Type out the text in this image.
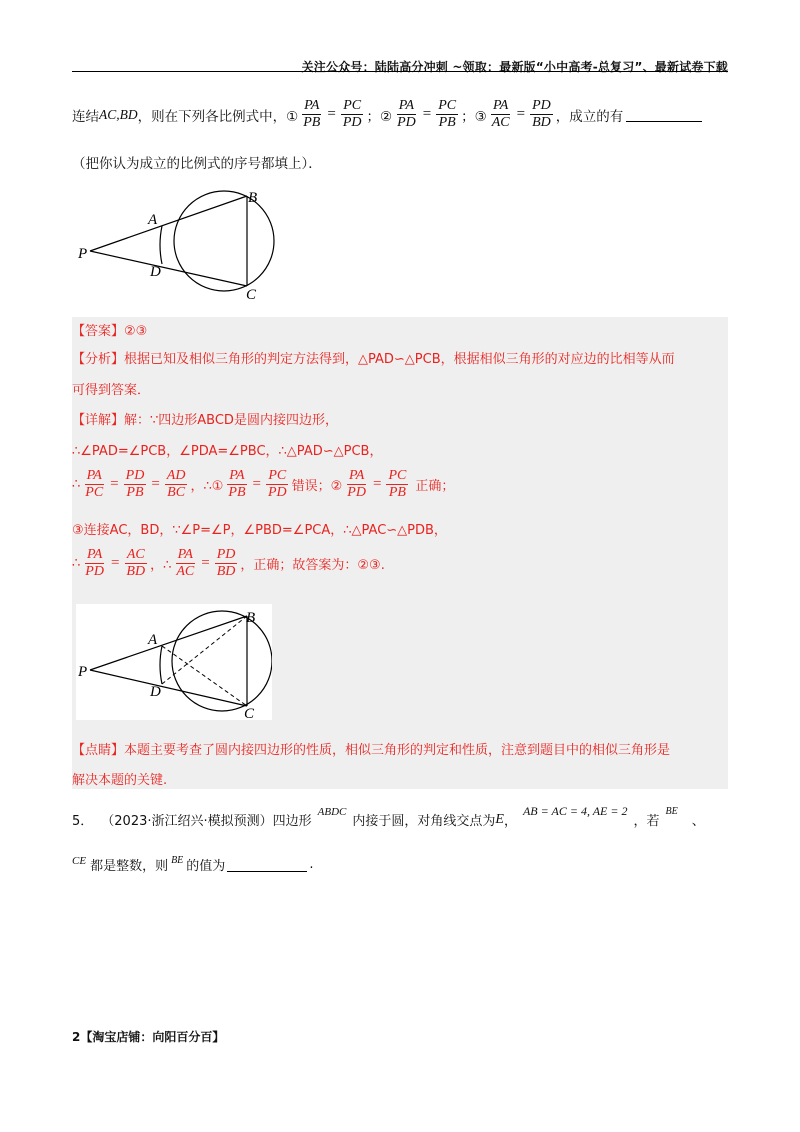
关注公众号：陆陆高分冲刺 ~领取：最新版“小中高考-总复习”、最新试卷下载
连结 AC,BD ，则在下列各比例式中，① $\frac{PA}{PB} = \frac{PC}{PD}$ ；② $\frac{PA}{PD} = \frac{PC}{PB}$ ；③ $\frac{PA}{AC} = \frac{PD}{BD}$ ，成立的有
（把你认为成立的比例式的序号都填上）．
P
A
B
C
D
【答案】②③
【分析】根据已知及相似三角形的判定方法得到，△PAD∽△PCB，根据相似三角形的对应边的比相等从而
可得到答案．
【详解】解：∵四边形ABCD是圆内接四边形，
∴∠PAD=∠PCB，∠PDA=∠PBC，∴△PAD∽△PCB，
∴ $\frac{PA}{PC} = \frac{PD}{PB} = \frac{AD}{BC}$ ，∴① $\frac{PA}{PB} = \frac{PC}{PD}$ 错误；② $\frac{PA}{PD} = \frac{PC}{PB}$ 正确；
③连接AC，BD，∵∠P=∠P，∠PBD=∠PCA，∴△PAC∽△PDB，
∴ $\frac{PA}{PD} = \frac{AC}{BD}$ ，∴ $\frac{PA}{AC} = \frac{PD}{BD}$ ，正确；故答案为：②③.
P
A
B
C
D
【点睛】本题主要考查了圆内接四边形的性质，相似三角形的判定和性质，注意到题目中的相似三角形是
解决本题的关键.
5． （2023·浙江绍兴·模拟预测）四边形
ABDC
内接于圆，对角线交点为 E ，
AB = AC = 4, AE = 2
，若
BE
、
CE 都是整数，则 BE 的值为	.
2【淘宝店铺：向阳百分百】
